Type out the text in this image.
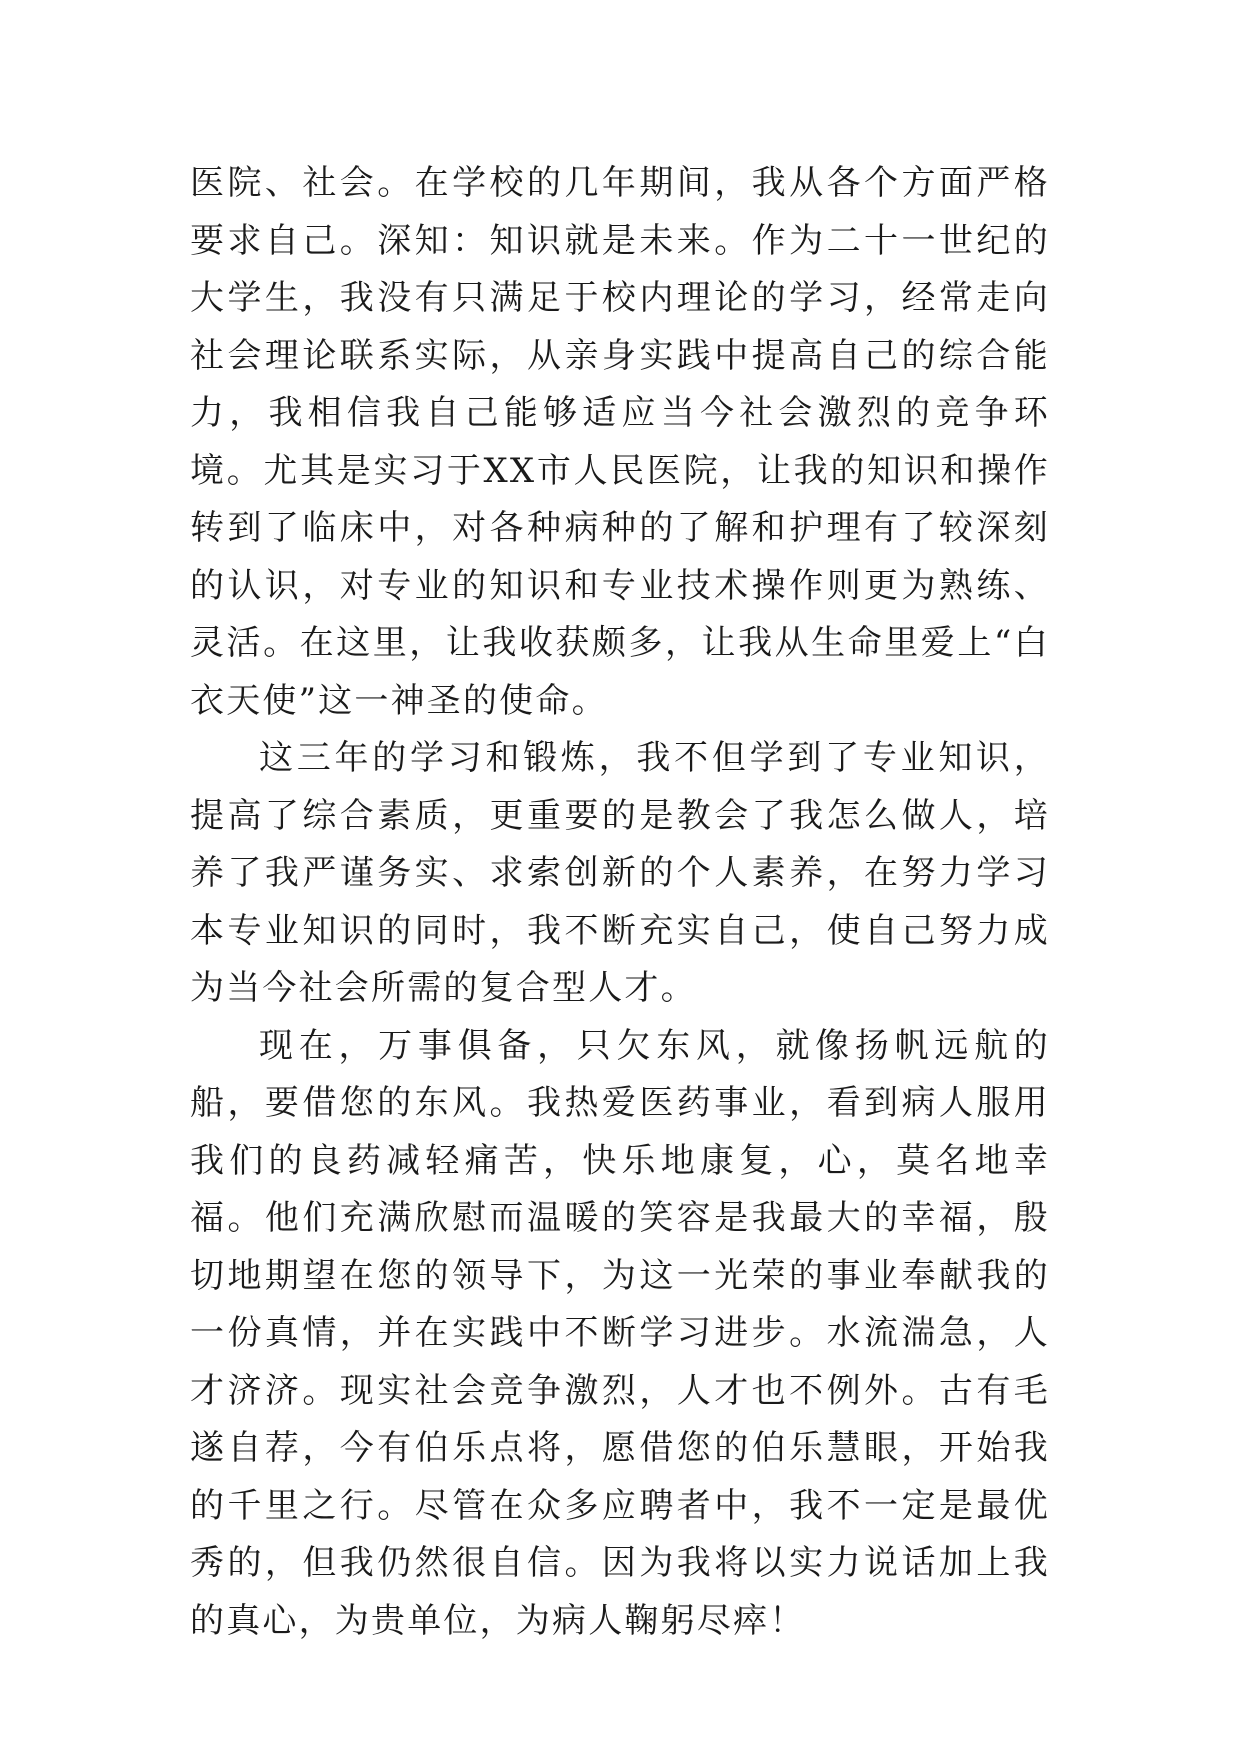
医院、社会。在学校的几年期间，我从各个方面严格要求自己。深知：知识就是未来。作为二十一世纪的大学生，我没有只满足于校内理论的学习，经常走向社会理论联系实际，从亲身实践中提高自己的综合能力，我相信我自己能够适应当今社会激烈的竞争环境。尤其是实习于XX市人民医院，让我的知识和操作转到了临床中，对各种病种的了解和护理有了较深刻的认识，对专业的知识和专业技术操作则更为熟练、灵活。在这里，让我收获颇多，让我从生命里爱上“白衣天使”这一神圣的使命。

这三年的学习和锻炼，我不但学到了专业知识，提高了综合素质，更重要的是教会了我怎么做人，培养了我严谨务实、求索创新的个人素养，在努力学习本专业知识的同时，我不断充实自己，使自己努力成为当今社会所需的复合型人才。

现在，万事俱备，只欠东风，就像扬帆远航的船，要借您的东风。我热爱医药事业，看到病人服用我们的良药减轻痛苦，快乐地康复，心，莫名地幸福。他们充满欣慰而温暖的笑容是我最大的幸福，殷切地期望在您的领导下，为这一光荣的事业奉献我的一份真情，并在实践中不断学习进步。水流湍急，人才济济。现实社会竞争激烈，人才也不例外。古有毛遂自荐，今有伯乐点将，愿借您的伯乐慧眼，开始我的千里之行。尽管在众多应聘者中，我不一定是最优秀的，但我仍然很自信。因为我将以实力说话加上我的真心，为贵单位，为病人鞠躬尽瘁！
